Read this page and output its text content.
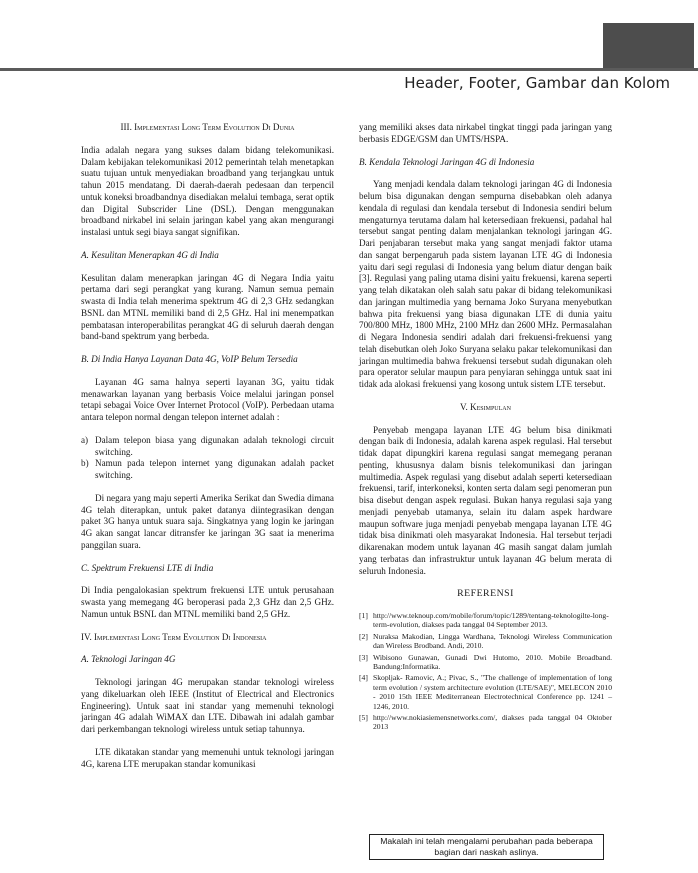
Header, Footer, Gambar dan Kolom

III. Implementasi Long Term Evolution Di Dunia

India adalah negara yang sukses dalam bidang telekomunikasi. Dalam kebijakan telekomunikasi 2012 pemerintah telah menetapkan suatu tujuan untuk menyediakan broadband yang terjangkau untuk tahun 2015 mendatang. Di daerah-daerah pedesaan dan terpencil untuk koneksi broadbandnya disediakan melalui tembaga, serat optik dan Digital Subscrider Line (DSL). Dengan menggunakan broadband nirkabel ini selain jaringan kabel yang akan mengurangi instalasi untuk segi biaya sangat signifikan.

A. Kesulitan Menerapkan 4G di India

Kesulitan dalam menerapkan jaringan 4G di Negara India yaitu pertama dari segi perangkat yang kurang. Namun semua pemain swasta di India telah menerima spektrum 4G di 2,3 GHz sedangkan BSNL dan MTNL memiliki band di 2,5 GHz. Hal ini menempatkan pembatasan interoperabilitas perangkat 4G di seluruh daerah dengan band-band spektrum yang berbeda.

B. Di India Hanya Layanan Data 4G, VoIP Belum Tersedia

Layanan 4G sama halnya seperti layanan 3G, yaitu tidak menawarkan layanan yang berbasis Voice melalui jaringan ponsel tetapi sebagai Voice Over Internet Protocol (VoIP). Perbedaan utama antara telepon normal dengan telepon internet adalah :

a) Dalam telepon biasa yang digunakan adalah teknologi circuit switching.
b) Namun pada telepon internet yang digunakan adalah packet switching.

Di negara yang maju seperti Amerika Serikat dan Swedia dimana 4G telah diterapkan, untuk paket datanya diintegrasikan dengan paket 3G hanya untuk suara saja. Singkatnya yang login ke jaringan 4G akan sangat lancar ditransfer ke jaringan 3G saat ia menerima panggilan suara.

C. Spektrum Frekuensi LTE di India

Di India pengalokasian spektrum frekuensi LTE untuk perusahaan swasta yang memegang 4G beroperasi pada 2,3 GHz dan 2,5 GHz. Namun untuk BSNL dan MTNL memiliki band 2,5 GHz.

IV. Implementasi Long Term Evolution Di Indonesia

A. Teknologi Jaringan 4G

Teknologi jaringan 4G merupakan standar teknologi wireless yang dikeluarkan oleh IEEE (Institut of Electrical and Electronics Engineering). Untuk saat ini standar yang memenuhi teknologi jaringan 4G adalah WiMAX dan LTE. Dibawah ini adalah gambar dari perkembangan teknologi wireless untuk setiap tahunnya.

LTE dikatakan standar yang memenuhi untuk teknologi jaringan 4G, karena LTE merupakan standar komunikasi

yang memiliki akses data nirkabel tingkat tinggi pada jaringan yang berbasis EDGE/GSM dan UMTS/HSPA.

B. Kendala Teknologi Jaringan 4G di Indonesia

Yang menjadi kendala dalam teknologi jaringan 4G di Indonesia belum bisa digunakan dengan sempurna disebabkan oleh adanya kendala di regulasi dan kendala tersebut di Indonesia sendiri belum mengaturnya terutama dalam hal ketersediaan frekuensi, padahal hal tersebut sangat penting dalam menjalankan teknologi jaringan 4G. Dari penjabaran tersebut maka yang sangat menjadi faktor utama dan sangat berpengaruh pada sistem layanan LTE 4G di Indonesia yaitu dari segi regulasi di Indonesia yang belum diatur dengan baik [3]. Regulasi yang paling utama disini yaitu frekuensi, karena seperti yang telah dikatakan oleh salah satu pakar di bidang telekomunikasi dan jaringan multimedia yang bernama Joko Suryana menyebutkan bahwa pita frekuensi yang biasa digunakan LTE di dunia yaitu 700/800 MHz, 1800 MHz, 2100 MHz dan 2600 MHz. Permasalahan di Negara Indonesia sendiri adalah dari frekuensi-frekuensi yang telah disebutkan oleh Joko Suryana selaku pakar telekomunikasi dan jaringan multimedia bahwa frekuensi tersebut sudah digunakan oleh para operator selular maupun para penyiaran sehingga untuk saat ini tidak ada alokasi frekuensi yang kosong untuk sistem LTE tersebut.

V. Kesimpulan

Penyebab mengapa layanan LTE 4G belum bisa dinikmati dengan baik di Indonesia, adalah karena aspek regulasi. Hal tersebut tidak dapat dipungkiri karena regulasi sangat memegang peranan penting, khususnya dalam bisnis telekomunikasi dan jaringan multimedia. Aspek regulasi yang disebut adalah seperti ketersediaan frekuensi, tarif, interkoneksi, konten serta dalam segi penomeran pun bisa disebut dengan aspek regulasi. Bukan hanya regulasi saja yang menjadi penyebab utamanya, selain itu dalam aspek hardware maupun software juga menjadi penyebab mengapa layanan LTE 4G tidak bisa dinikmati oleh masyarakat Indonesia. Hal tersebut terjadi dikarenakan modem untuk layanan 4G masih sangat dalam jumlah yang terbatas dan infrastruktur untuk layanan 4G belum merata di seluruh Indonesia.

REFERENSI

[1] http://www.teknoup.com/mobile/forum/topic/1289/tentang-teknologilte-long-term-evolution, diakses pada tanggal 04 September 2013.
[2] Nuraksa Makodian, Lingga Wardhana, Teknologi Wireless Communication dan Wireless Brodband. Andi, 2010.
[3] Wibisono Gunawan, Gunadi Dwi Hutomo, 2010. Mobile Broadband. Bandung:Informatika.
[4] Skopljak- Ramovic, A.; Pivac, S., "The challenge of implementation of long term evolution / system architecture evolution (LTE/SAE)", MELECON 2010 - 2010 15th IEEE Mediterranean Electrotechnical Conference pp. 1241 – 1246, 2010.
[5] http://www.nokiasiemensnetworks.com/, diakses pada tanggal 04 Oktober 2013
Makalah ini telah mengalami perubahan pada beberapa bagian dari naskah aslinya.
